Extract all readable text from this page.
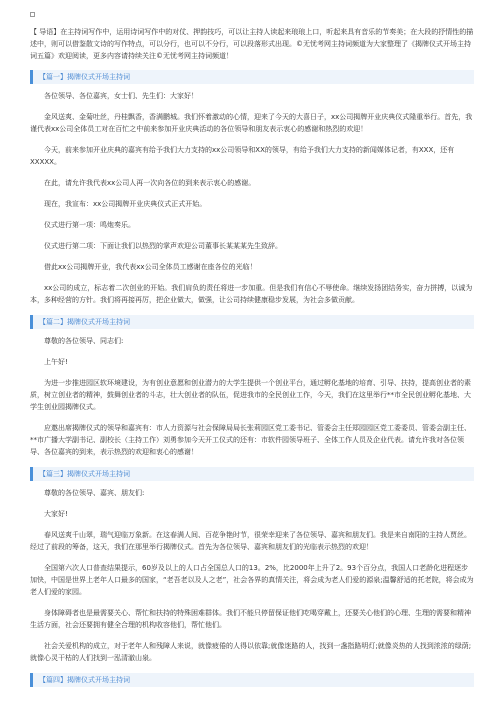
【 导语】在主持词写作中，运用诗词写作中的对仗、押韵技巧，可以让主持人读起来琅琅上口，听起来具有音乐的节奏美；在大段的抒情性的描述中，则可以借鉴散文诗的写作特点，可以分行，也可以不分行，可以段落形式出现。©无忧考网主持词频道为大家整理了《揭牌仪式开场主持词五篇》欢迎阅读，更多内容请持续关注©无忧考网主持词频道！

【篇一】揭牌仪式开场主持词

各位领导、各位嘉宾，女士们、先生们：大家好！

金风送爽、金菊吐丝，丹桂飘香，香满鹏城。我们怀着激动的心情，迎来了今天的大喜日子，xx公司揭牌开业庆典仪式隆重举行。首先，我谨代表xx公司全体员工对在百忙之中前来参加开业庆典活动的各位领导和朋友表示衷心的感谢和热烈的欢迎！

今天，前来参加开业庆典的嘉宾有给予我们大力支持的xx公司领导和XX的领导，有给予我们大力支持的新闻媒体记者，有XXX，还有XXXXX。

在此，请允许我代表xx公司人再一次向各位的到来表示衷心的感谢。

现在，我宣布：xx公司揭牌开业庆典仪式正式开始。

仪式进行第一项：鸣炮奏乐。

仪式进行第二项：下面让我们以热烈的掌声欢迎公司董事长某某某先生致辞。

借此xx公司揭牌开业，我代表xx公司全体员工感谢在座各位的光临！

xx公司的成立，标志着二次创业的开始。我们肩负的责任将进一步加重。但是我们有信心不辱使命。继续发扬团结务实，奋力拼搏，以诚为本，多种经营的方针。我们将再接再厉，把企业做大，做强，让公司持续健康稳步发展，为社会多做贡献。

【篇二】揭牌仪式开场主持词

尊敬的各位领导、同志们:

上午好!

为进一步推进园区软环境建设，为有创业意愿和创业潜力的大学生提供一个创业平台，通过孵化基地的培育、引导、扶持，提高创业者的素质，树立创业者的精神，鼓舞创业者的斗志，壮大创业者的队伍，促进我市的全民创业工作，今天，我们在这里举行**市全民创业孵化基地、大学生创业园揭牌仪式。

应邀出席揭牌仪式的领导和嘉宾有：市人力资源与社会保障局局长张莉园区党工委书记、管委会主任郑园园区党工委委员、管委会副主任、**市广播大学副书记、副校长（主持工作）刘勇参加今天开工仪式的还有：市软件园领导班子、全体工作人员及企业代表。请允许我对各位领导、各位嘉宾的到来，表示热烈的欢迎和衷心的感谢！

【篇三】揭牌仪式开场主持词

尊敬的各位领导、嘉宾、朋友们:

大家好!

春风送爽千山翠，瑞气迎临万象新。在这春满人间、百花争艳时节，很荣幸迎来了各位领导、嘉宾和朋友们。我是来自南阳的主持人贾丝。经过了前段的筹备，这天，我们在那里举行揭牌仪式。首先为各位领导、嘉宾和朋友们的光临表示热烈的欢迎！

全国第六次人口普查结果提示，60岁及以上的人口占全国总人口的13。2%，比2000年上升了2。93个百分点，我国人口老龄化进程逐步加快，中国是世界上老年人口最多的国家，“老吾老以及人之老”，社会各界的真情关注，将会成为老人们爱的源泉;温馨舒适的托老院，将会成为老人们爱的家园。

身体障碍者也是最需要关心、帮忙和扶持的特殊困难群体。我们不能只停留保证他们吃喝穿戴上，还要关心他们的心理、生理的需要和精神生活方面，社会还要拥有健全合理的机构收容他们，帮忙他们。

社会关爱机构的成立，对于老年人和残障人来说，就像疲倦的人得以依靠;就像迷路的人，找到一盏指路明灯;就像炎热的人找到浓浓的绿荫;就像心灵干枯的人们找到一泓清澈山泉。

【篇四】揭牌仪式开场主持词
